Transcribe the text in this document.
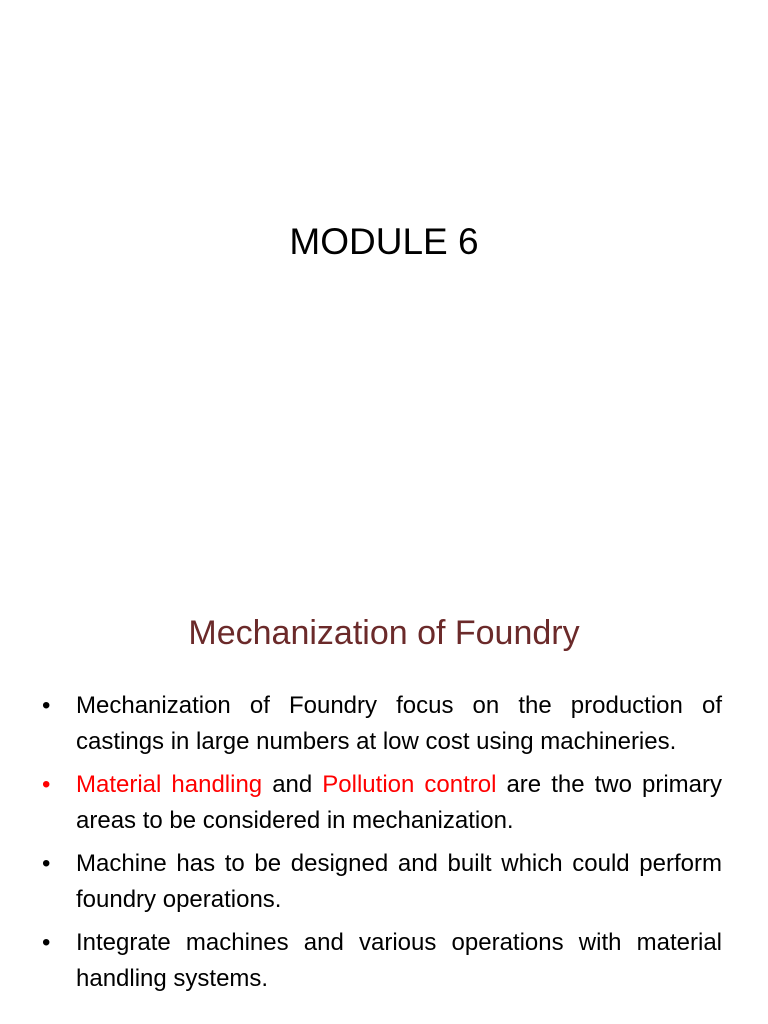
MODULE 6
Mechanization of Foundry
•	Mechanization of Foundry focus on the production of castings in large numbers at low cost using machineries.
•	Material handling and Pollution control are the two primary areas to be considered in mechanization.
•	Machine has to be designed and built which could perform foundry operations.
•	Integrate machines and various operations with material handling systems.
